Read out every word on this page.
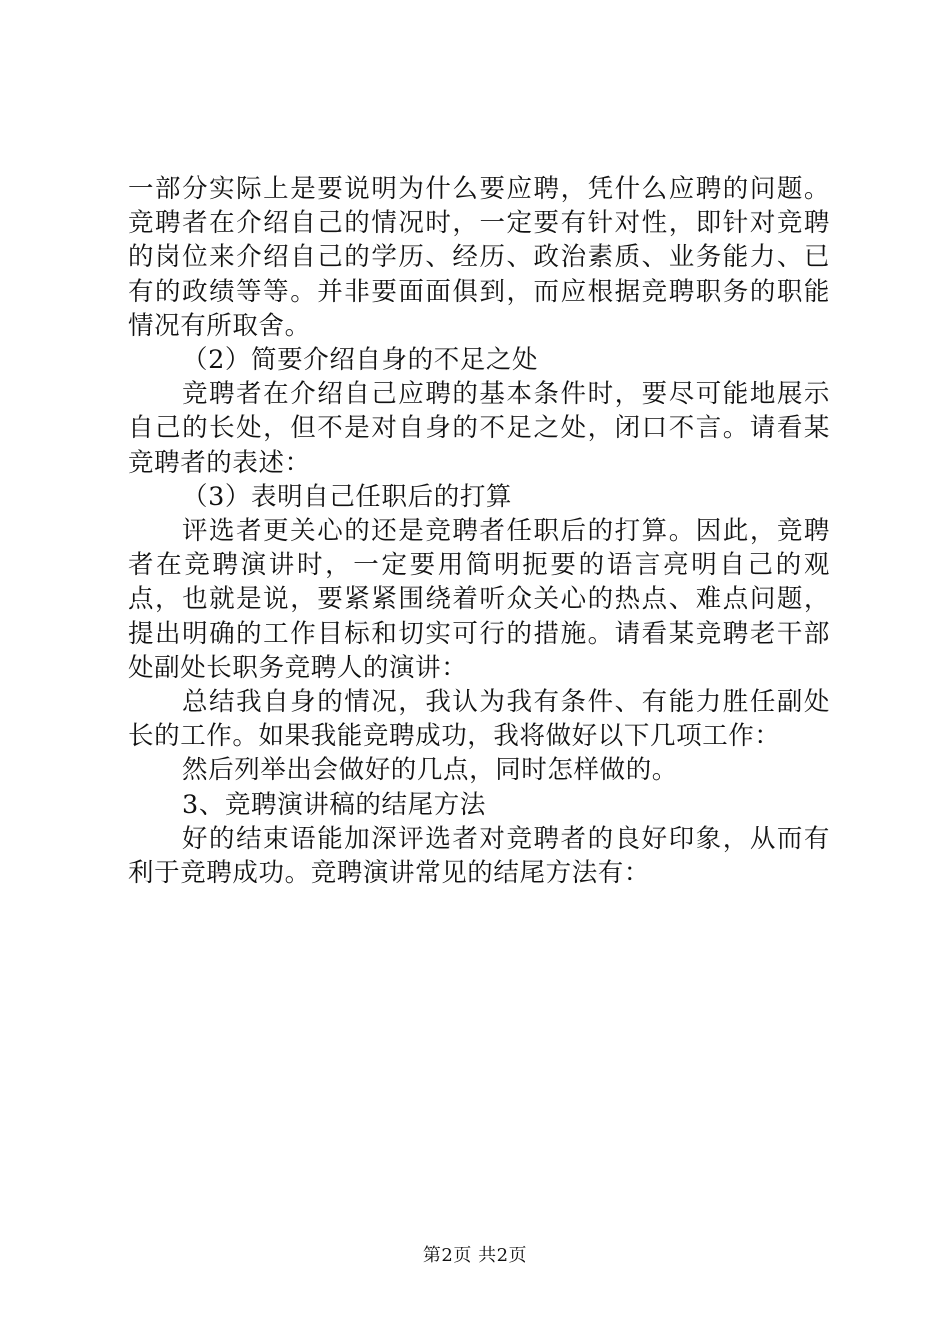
一部分实际上是要说明为什么要应聘，凭什么应聘的问题。竞聘者在介绍自己的情况时，一定要有针对性，即针对竞聘的岗位来介绍自己的学历、经历、政治素质、业务能力、已有的政绩等等。并非要面面俱到，而应根据竞聘职务的职能情况有所取舍。

（2）简要介绍自身的不足之处

竞聘者在介绍自己应聘的基本条件时，要尽可能地展示自己的长处，但不是对自身的不足之处，闭口不言。请看某竞聘者的表述：

（3）表明自己任职后的打算

评选者更关心的还是竞聘者任职后的打算。因此，竞聘者在竞聘演讲时，一定要用简明扼要的语言亮明自己的观点，也就是说，要紧紧围绕着听众关心的热点、难点问题，提出明确的工作目标和切实可行的措施。请看某竞聘老干部处副处长职务竞聘人的演讲：

总结我自身的情况，我认为我有条件、有能力胜任副处长的工作。如果我能竞聘成功，我将做好以下几项工作：

然后列举出会做好的几点，同时怎样做的。

3、竞聘演讲稿的结尾方法

好的结束语能加深评选者对竞聘者的良好印象，从而有利于竞聘成功。竞聘演讲常见的结尾方法有：

第2页 共2页
